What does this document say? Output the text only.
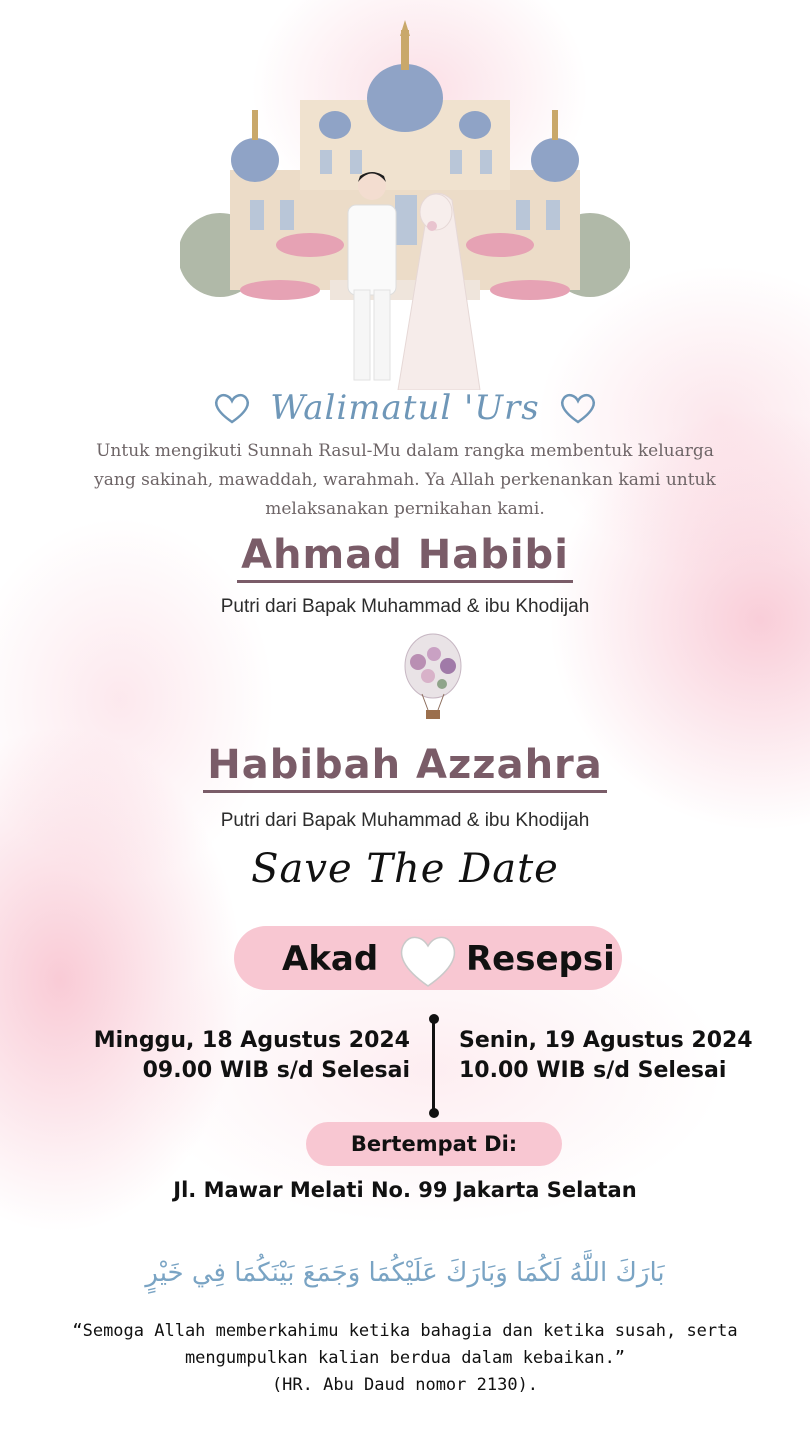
Walimatul 'Urs
Untuk mengikuti Sunnah Rasul-Mu dalam rangka membentuk keluarga yang sakinah, mawaddah, warahmah. Ya Allah perkenankan kami untuk melaksanakan pernikahan kami.
Ahmad Habibi
Putri dari Bapak Muhammad & ibu Khodijah
Habibah Azzahra
Putri dari Bapak Muhammad & ibu Khodijah
Save The Date
Akad	Resepsi
Minggu, 18 Agustus 2024
09.00 WIB s/d Selesai
Senin, 19 Agustus 2024
10.00 WIB s/d Selesai
Bertempat Di:
Jl. Mawar Melati No. 99 Jakarta Selatan
بَارَكَ اللَّهُ لَكُمَا وَبَارَكَ عَلَيْكُمَا وَجَمَعَ بَيْنَكُمَا فِي خَيْرٍ
“Semoga Allah memberkahimu ketika bahagia dan ketika susah, serta
mengumpulkan kalian berdua dalam kebaikan.”
(HR. Abu Daud nomor 2130).
